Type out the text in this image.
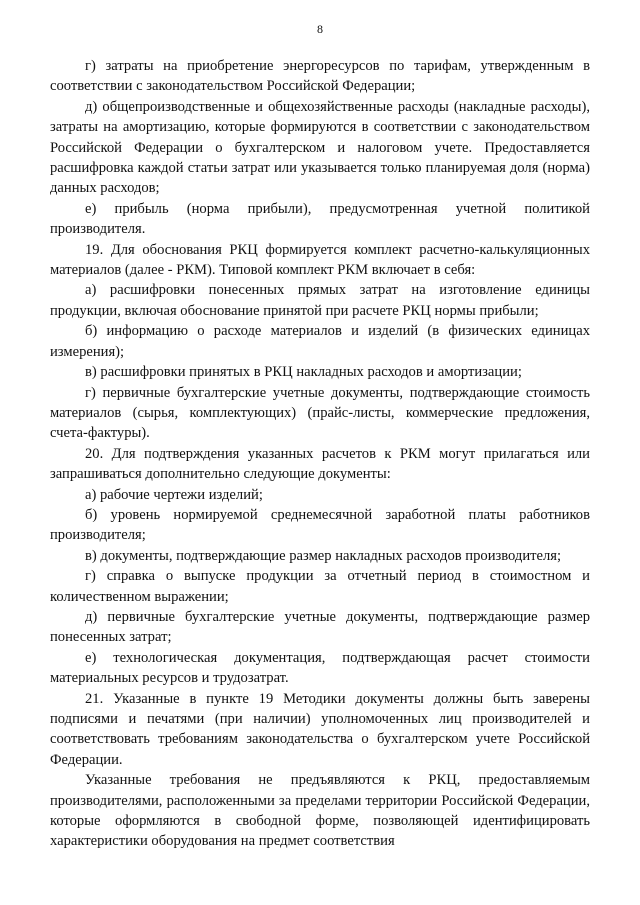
8

г) затраты на приобретение энергоресурсов по тарифам, утвержденным в соответствии с законодательством Российской Федерации;

д) общепроизводственные и общехозяйственные расходы (накладные расходы), затраты на амортизацию, которые формируются в соответствии с законодательством Российской Федерации о бухгалтерском и налоговом учете. Предоставляется расшифровка каждой статьи затрат или указывается только планируемая доля (норма) данных расходов;

е) прибыль (норма прибыли), предусмотренная учетной политикой производителя.

19. Для обоснования РКЦ формируется комплект расчетно-калькуляционных материалов (далее - РКМ). Типовой комплект РКМ включает в себя:

а) расшифровки понесенных прямых затрат на изготовление единицы продукции, включая обоснование принятой при расчете РКЦ нормы прибыли;

б) информацию о расходе материалов и изделий (в физических единицах измерения);

в) расшифровки принятых в РКЦ накладных расходов и амортизации;

г) первичные бухгалтерские учетные документы, подтверждающие стоимость материалов (сырья, комплектующих) (прайс-листы, коммерческие предложения, счета-фактуры).

20. Для подтверждения указанных расчетов к РКМ могут прилагаться или запрашиваться дополнительно следующие документы:

а) рабочие чертежи изделий;

б) уровень нормируемой среднемесячной заработной платы работников производителя;

в) документы, подтверждающие размер накладных расходов производителя;

г) справка о выпуске продукции за отчетный период в стоимостном и количественном выражении;

д) первичные бухгалтерские учетные документы, подтверждающие размер понесенных затрат;

е) технологическая документация, подтверждающая расчет стоимости материальных ресурсов и трудозатрат.

21. Указанные в пункте 19 Методики документы должны быть заверены подписями и печатями (при наличии) уполномоченных лиц производителей и соответствовать требованиям законодательства о бухгалтерском учете Российской Федерации.

Указанные требования не предъявляются к РКЦ, предоставляемым производителями, расположенными за пределами территории Российской Федерации, которые оформляются в свободной форме, позволяющей идентифицировать характеристики оборудования на предмет соответствия
